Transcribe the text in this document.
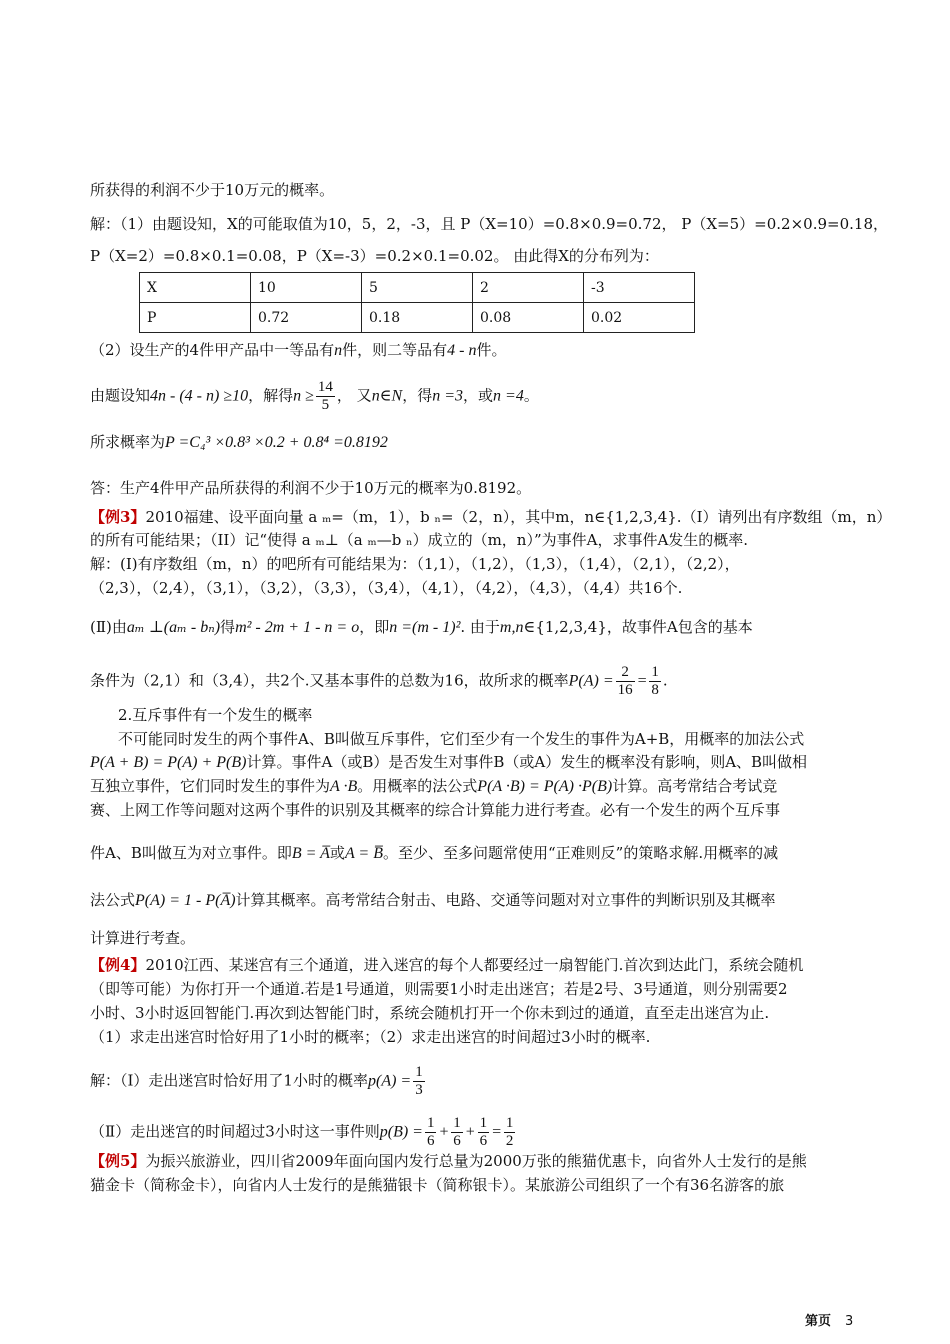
所获得的利润不少于10万元的概率。
解：（1）由题设知，X的可能取值为10，5，2，-3，且 P（X=10）=0.8×0.9=0.72， P（X=5）=0.2×0.9=0.18，
P（X=2）=0.8×0.1=0.08，P（X=-3）=0.2×0.1=0.02。 由此得X的分布列为：
X	10	5	2	-3
P	0.72	0.18	0.08	0.02
（2）设生产的4件甲产品中一等品有n件，则二等品有4 - n件。
由题设知4n - (4 - n) ≥10，解得$n \ge \frac{14}{5}$ ， 又n∈N，得n =3，或n =4。
所求概率为P =C₄³ ×0.8³ ×0.2 + 0.8⁴ =0.8192
答：生产4件甲产品所获得的利润不少于10万元的概率为0.8192。
【例3】2010福建、设平面向量 a ₘ=（m，1），b ₙ=（2，n），其中m，n∈{1,2,3,4}.（I）请列出有序数组（m，n）
的所有可能结果；（II）记“使得 a ₘ⊥（a ₘ—b ₙ）成立的（m，n）”为事件A，求事件A发生的概率.
解：(Ⅰ)有序数组（m，n）的吧所有可能结果为：（1,1），（1,2），（1,3），（1,4），（2,1），（2,2），
（2,3），（2,4），（3,1），（3,2），（3,3），（3,4），（4,1），（4,2），（4,3），（4,4）共16个.
(Ⅱ)由aₘ ⊥(aₘ - bₙ)得m² - 2m + 1 - n = o，即n =(m - 1)². 由于m,n∈{1,2,3,4}，故事件A包含的基本
条件为（2,1）和（3,4），共2个.又基本事件的总数为16，故所求的概率$P(A) = \frac{2}{16} = \frac{1}{8}$ .
2.互斥事件有一个发生的概率
不可能同时发生的两个事件A、B叫做互斥事件，它们至少有一个发生的事件为A+B，用概率的加法公式
P(A + B) = P(A) + P(B)计算。事件A（或B）是否发生对事件B（或A）发生的概率没有影响，则A、B叫做相
互独立事件，它们同时发生的事件为A ·B。用概率的法公式P(A ·B) = P(A) ·P(B)计算。高考常结合考试竞
赛、上网工作等问题对这两个事件的识别及其概率的综合计算能力进行考查。必有一个发生的两个互斥事
件A、B叫做互为对立事件。即B = A̅或A = B̅。至少、至多问题常使用“正难则反”的策略求解.用概率的减
法公式P(A) = 1 - P(A̅)计算其概率。高考常结合射击、电路、交通等问题对对立事件的判断识别及其概率
计算进行考查。
【例4】2010江西、某迷宫有三个通道，进入迷宫的每个人都要经过一扇智能门.首次到达此门，系统会随机
（即等可能）为你打开一个通道.若是1号通道，则需要1小时走出迷宫；若是2号、3号通道，则分别需要2
小时、3小时返回智能门.再次到达智能门时，系统会随机打开一个你未到过的通道，直至走出迷宫为止.
（1）求走出迷宫时恰好用了1小时的概率；（2）求走出迷宫的时间超过3小时的概率.
解：（Ⅰ）走出迷宫时恰好用了1小时的概率$p(A) = \frac{1}{3}$
（Ⅱ）走出迷宫的时间超过3小时这一事件则$p(B) = \frac{1}{6} + \frac{1}{6} + \frac{1}{6} = \frac{1}{2}$
【例5】为振兴旅游业，四川省2009年面向国内发行总量为2000万张的熊猫优惠卡，向省外人士发行的是熊
猫金卡（简称金卡），向省内人士发行的是熊猫银卡（简称银卡）。某旅游公司组织了一个有36名游客的旅
第页 3
